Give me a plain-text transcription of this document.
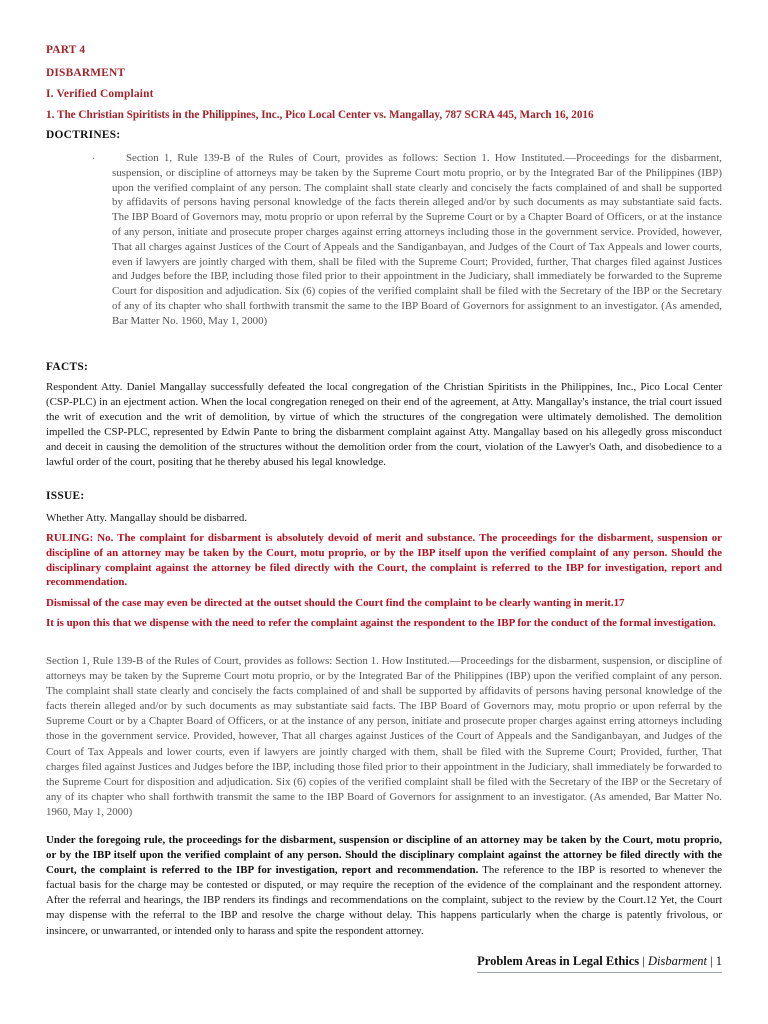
PART 4
DISBARMENT
I. Verified Complaint
1. The Christian Spiritists in the Philippines, Inc., Pico Local Center vs. Mangallay, 787 SCRA 445, March 16, 2016
DOCTRINES:
·	Section 1, Rule 139-B of the Rules of Court, provides as follows: Section 1. How Instituted.—Proceedings for the disbarment, suspension, or discipline of attorneys may be taken by the Supreme Court motu proprio, or by the Integrated Bar of the Philippines (IBP) upon the verified complaint of any person. The complaint shall state clearly and concisely the facts complained of and shall be supported by affidavits of persons having personal knowledge of the facts therein alleged and/or by such documents as may substantiate said facts. The IBP Board of Governors may, motu proprio or upon referral by the Supreme Court or by a Chapter Board of Officers, or at the instance of any person, initiate and prosecute proper charges against erring attorneys including those in the government service. Provided, however, That all charges against Justices of the Court of Appeals and the Sandiganbayan, and Judges of the Court of Tax Appeals and lower courts, even if lawyers are jointly charged with them, shall be filed with the Supreme Court; Provided, further, That charges filed against Justices and Judges before the IBP, including those filed prior to their appointment in the Judiciary, shall immediately be forwarded to the Supreme Court for disposition and adjudication. Six (6) copies of the verified complaint shall be filed with the Secretary of the IBP or the Secretary of any of its chapter who shall forthwith transmit the same to the IBP Board of Governors for assignment to an investigator. (As amended, Bar Matter No. 1960, May 1, 2000)

FACTS:

Respondent Atty. Daniel Mangallay successfully defeated the local congregation of the Christian Spiritists in the Philippines, Inc., Pico Local Center (CSP-PLC) in an ejectment action. When the local congregation reneged on their end of the agreement, at Atty. Mangallay's instance, the trial court issued the writ of execution and the writ of demolition, by virtue of which the structures of the congregation were ultimately demolished. The demolition impelled the CSP-PLC, represented by Edwin Pante to bring the disbarment complaint against Atty. Mangallay based on his allegedly gross misconduct and deceit in causing the demolition of the structures without the demolition order from the court, violation of the Lawyer's Oath, and disobedience to a lawful order of the court, positing that he thereby abused his legal knowledge.

ISSUE:

Whether Atty. Mangallay should be disbarred.

RULING: No. The complaint for disbarment is absolutely devoid of merit and substance. The proceedings for the disbarment, suspension or discipline of an attorney may be taken by the Court, motu proprio, or by the IBP itself upon the verified complaint of any person. Should the disciplinary complaint against the attorney be filed directly with the Court, the complaint is referred to the IBP for investigation, report and recommendation.

Dismissal of the case may even be directed at the outset should the Court find the complaint to be clearly wanting in merit.17

It is upon this that we dispense with the need to refer the complaint against the respondent to the IBP for the conduct of the formal investigation.

Section 1, Rule 139-B of the Rules of Court, provides as follows: Section 1. How Instituted.—Proceedings for the disbarment, suspension, or discipline of attorneys may be taken by the Supreme Court motu proprio, or by the Integrated Bar of the Philippines (IBP) upon the verified complaint of any person. The complaint shall state clearly and concisely the facts complained of and shall be supported by affidavits of persons having personal knowledge of the facts therein alleged and/or by such documents as may substantiate said facts. The IBP Board of Governors may, motu proprio or upon referral by the Supreme Court or by a Chapter Board of Officers, or at the instance of any person, initiate and prosecute proper charges against erring attorneys including those in the government service. Provided, however, That all charges against Justices of the Court of Appeals and the Sandiganbayan, and Judges of the Court of Tax Appeals and lower courts, even if lawyers are jointly charged with them, shall be filed with the Supreme Court; Provided, further, That charges filed against Justices and Judges before the IBP, including those filed prior to their appointment in the Judiciary, shall immediately be forwarded to the Supreme Court for disposition and adjudication. Six (6) copies of the verified complaint shall be filed with the Secretary of the IBP or the Secretary of any of its chapter who shall forthwith transmit the same to the IBP Board of Governors for assignment to an investigator. (As amended, Bar Matter No. 1960, May 1, 2000)

Under the foregoing rule, the proceedings for the disbarment, suspension or discipline of an attorney may be taken by the Court, motu proprio, or by the IBP itself upon the verified complaint of any person. Should the disciplinary complaint against the attorney be filed directly with the Court, the complaint is referred to the IBP for investigation, report and recommendation. The reference to the IBP is resorted to whenever the factual basis for the charge may be contested or disputed, or may require the reception of the evidence of the complainant and the respondent attorney. After the referral and hearings, the IBP renders its findings and recommendations on the complaint, subject to the review by the Court.12 Yet, the Court may dispense with the referral to the IBP and resolve the charge without delay. This happens particularly when the charge is patently frivolous, or insincere, or unwarranted, or intended only to harass and spite the respondent attorney.

Problem Areas in Legal Ethics | Disbarment | 1
